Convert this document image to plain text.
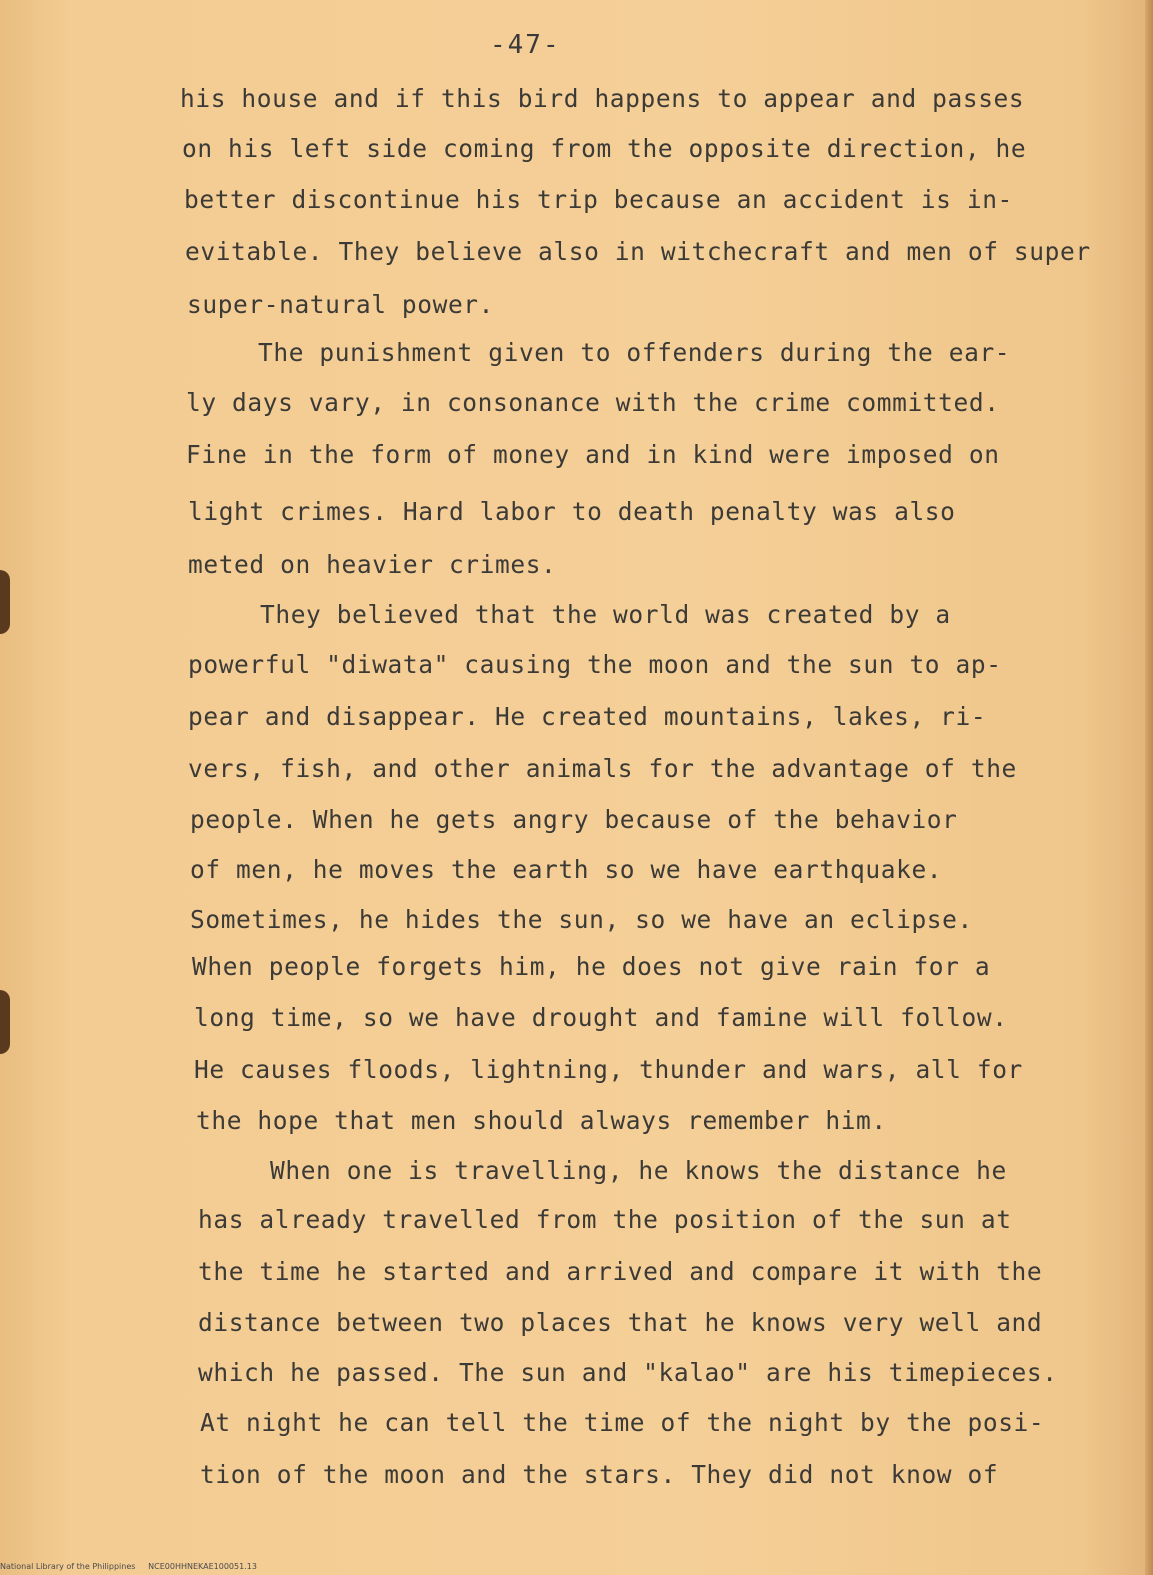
-47-
his house and if this bird happens to appear and passes
on his left side coming from the opposite direction, he
better discontinue his trip because an accident is in-
evitable. They believe also in witchecraft and men of super
super-natural power.
The punishment given to offenders during the ear-
ly days vary, in consonance with the crime committed.
Fine in the form of money and in kind were imposed on
light crimes. Hard labor to death penalty was also
meted on heavier crimes.
They believed that the world was created by a
powerful "diwata" causing the moon and the sun to ap-
pear and disappear. He created mountains, lakes, ri-
vers, fish, and other animals for the advantage of the
people. When he gets angry because of the behavior
of men, he moves the earth so we have earthquake.
Sometimes, he hides the sun, so we have an eclipse.
When people forgets him, he does not give rain for a
long time, so we have drought and famine will follow.
He causes floods, lightning, thunder and wars, all for
the hope that men should always remember him.
When one is travelling, he knows the distance he
has already travelled from the position of the sun at
the time he started and arrived and compare it with the
distance between two places that he knows very well and
which he passed. The sun and "kalao" are his timepieces.
At night he can tell the time of the night by the posi-
tion of the moon and the stars. They did not know of
National Library of the Philippines     NCE00HHNEKAE100051.13
